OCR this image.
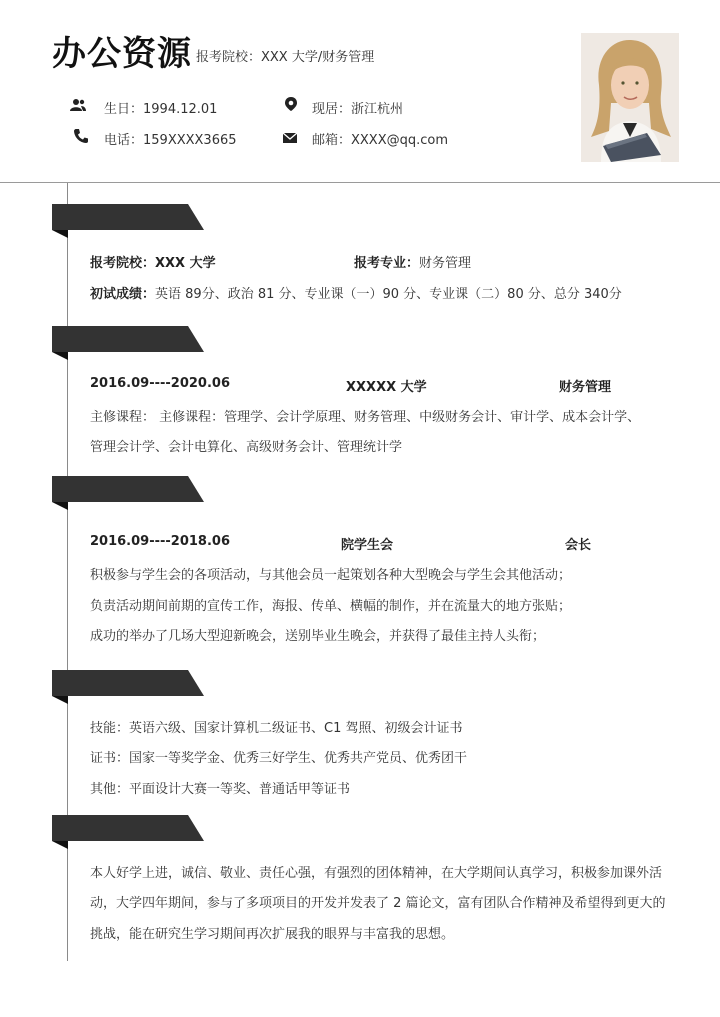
办公资源 报考院校：XXX 大学/财务管理
生日：1994.12.01	现居：浙江杭州
电话：159XXXX3665	邮箱：XXXX@qq.com
报考院校：XXX 大学	报考专业：财务管理
初试成绩：英语 89分、政治 81 分、专业课（一）90 分、专业课（二）80 分、总分 340分
2016.09----2020.06	XXXXX 大学	财务管理
主修课程： 主修课程：管理学、会计学原理、财务管理、中级财务会计、审计学、成本会计学、
管理会计学、会计电算化、高级财务会计、管理统计学
2016.09----2018.06	院学生会	会长
积极参与学生会的各项活动，与其他会员一起策划各种大型晚会与学生会其他活动；
负责活动期间前期的宣传工作，海报、传单、横幅的制作，并在流量大的地方张贴；
成功的举办了几场大型迎新晚会，送别毕业生晚会，并获得了最佳主持人头衔；
技能：英语六级、国家计算机二级证书、C1 驾照、初级会计证书
证书：国家一等奖学金、优秀三好学生、优秀共产党员、优秀团干
其他：平面设计大赛一等奖、普通话甲等证书
本人好学上进，诚信、敬业、责任心强，有强烈的团体精神，在大学期间认真学习，积极参加课外活
动，大学四年期间，参与了多项项目的开发并发表了 2 篇论文，富有团队合作精神及希望得到更大的
挑战，能在研究生学习期间再次扩展我的眼界与丰富我的思想。
